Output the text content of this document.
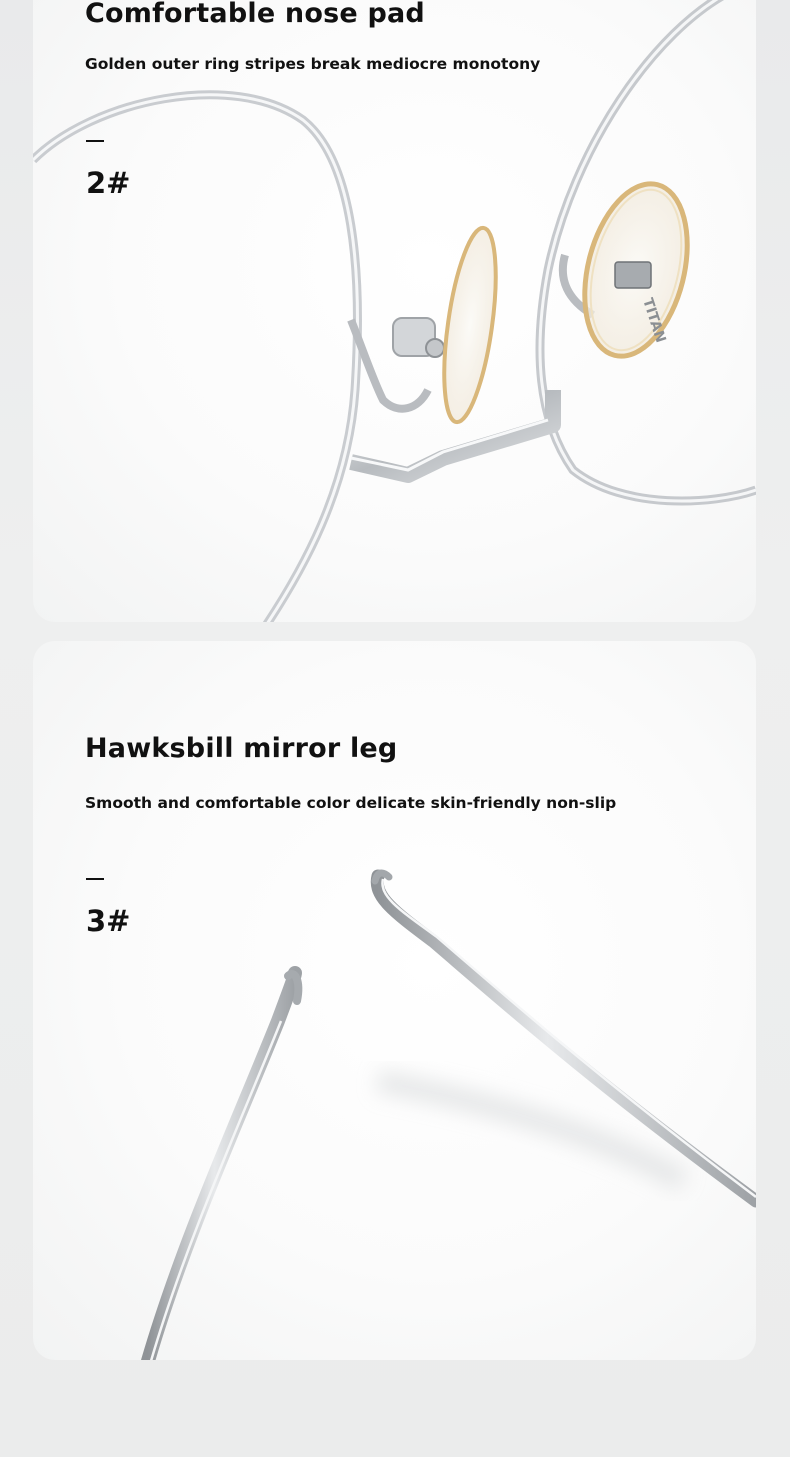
TITAN
Comfortable nose pad

Golden outer ring stripes break mediocre monotony

2#

Hawksbill mirror leg

Smooth and comfortable color delicate skin-friendly non-slip

3#
